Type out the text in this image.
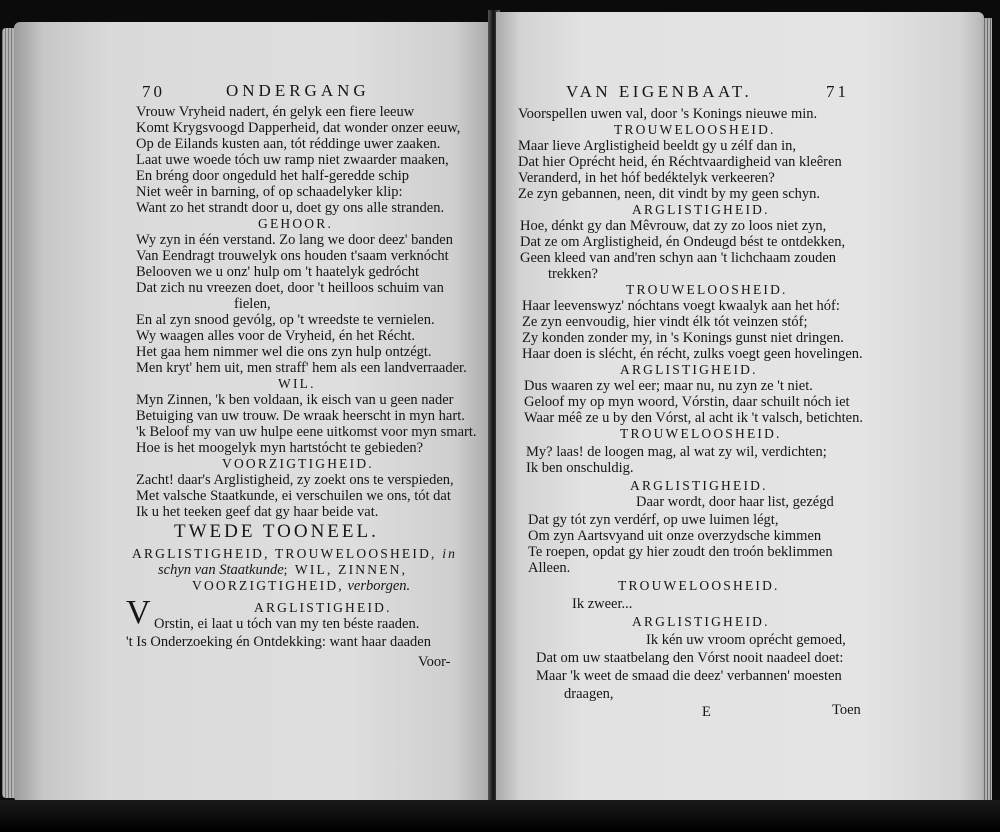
70	ONDERGANG
Vrouw Vryheid nadert, én gelyk een fiere leeuw
Komt Krygsvoogd Dapperheid, dat wonder onzer eeuw,
Op de Eilands kusten aan, tót réddinge uwer zaaken.
Laat uwe woede tóch uw ramp niet zwaarder maaken,
En bréng door ongeduld het half-geredde schip
Niet weêr in barning, of op schaadelyker klip:
Want zo het strandt door u, doet gy ons alle stranden.
GEHOOR.
Wy zyn in één verstand. Zo lang we door deez' banden
Van Eendragt trouwelyk ons houden t'saam verknócht
Belooven we u onz' hulp om 't haatelyk gedrócht
Dat zich nu vreezen doet, door 't heilloos schuim van
fielen,
En al zyn snood gevólg, op 't wreedste te vernielen.
Wy waagen alles voor de Vryheid, én het Récht.
Het gaa hem nimmer wel die ons zyn hulp ontzégt.
Men kryt' hem uit, men straff' hem als een landverraader.
WIL.
Myn Zinnen, 'k ben voldaan, ik eisch van u geen nader
Betuiging van uw trouw. De wraak heerscht in myn hart.
'k Beloof my van uw hulpe eene uitkomst voor myn smart.
Hoe is het moogelyk myn hartstócht te gebieden?
VOORZIGTIGHEID.
Zacht! daar's Arglistigheid, zy zoekt ons te verspieden,
Met valsche Staatkunde, ei verschuilen we ons, tót dat
Ik u het teeken geef dat gy haar beide vat.
TWEDE TOONEEL.
ARGLISTIGHEID, TROUWELOOSHEID, in
schyn van Staatkunde; WIL, ZINNEN,
VOORZIGTIGHEID, verborgen.
ARGLISTIGHEID.
V Orstin, ei laat u tóch van my ten béste raaden.
't Is Onderzoeking én Ontdekking: want haar daaden
Voor-
VAN EIGENBAAT.	71
Voorspellen uwen val, door 's Konings nieuwe min.
TROUWELOOSHEID.
Maar lieve Arglistigheid beeldt gy u zélf dan in,
Dat hier Oprécht heid, én Réchtvaardigheid van kleêren
Veranderd, in het hóf bedéktelyk verkeeren?
Ze zyn gebannen, neen, dit vindt by my geen schyn.
ARGLISTIGHEID.
Hoe, dénkt gy dan Mêvrouw, dat zy zo loos niet zyn,
Dat ze om Arglistigheid, én Ondeugd bést te ontdekken,
Geen kleed van and'ren schyn aan 't lichchaam zouden
trekken?
TROUWELOOSHEID.
Haar leevenswyz' nóchtans voegt kwaalyk aan het hóf:
Ze zyn eenvoudig, hier vindt élk tót veinzen stóf;
Zy konden zonder my, in 's Konings gunst niet dringen.
Haar doen is slécht, én récht, zulks voegt geen hovelingen.
ARGLISTIGHEID.
Dus waaren zy wel eer; maar nu, nu zyn ze 't niet.
Geloof my op myn woord, Vórstin, daar schuilt nóch iet
Waar méê ze u by den Vórst, al acht ik 't valsch, betichten.
TROUWELOOSHEID.
My? laas! de loogen mag, al wat zy wil, verdichten;
Ik ben onschuldig.
ARGLISTIGHEID.
Daar wordt, door haar list, gezégd
Dat gy tót zyn verdérf, op uwe luimen légt,
Om zyn Aartsvyand uit onze overzydsche kimmen
Te roepen, opdat gy hier zoudt den troón beklimmen
Alleen.
TROUWELOOSHEID.
Ik zweer...
ARGLISTIGHEID.
Ik kén uw vroom oprécht gemoed,
Dat om uw staatbelang den Vórst nooit naadeel doet:
Maar 'k weet de smaad die deez' verbannen' moesten
draagen,
E	Toen
